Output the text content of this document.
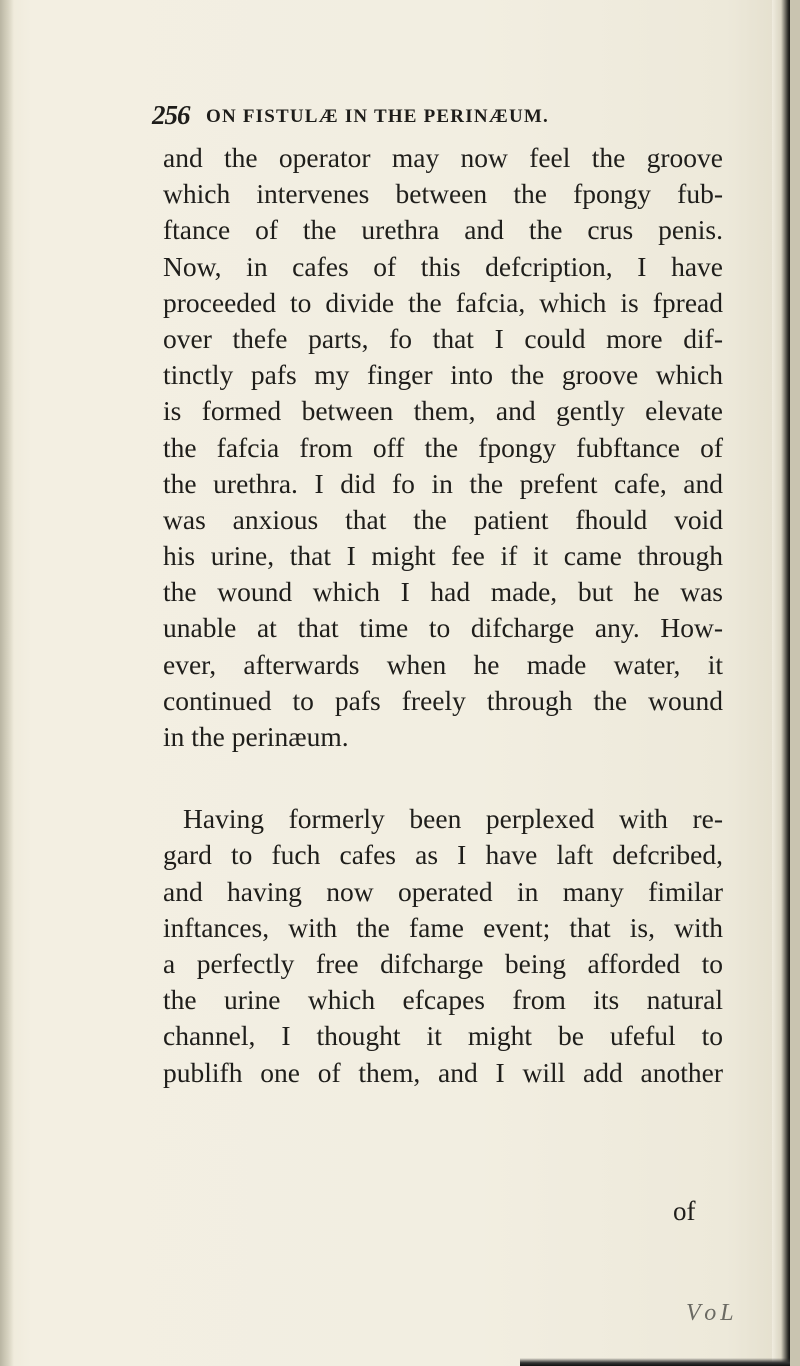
256 ON FISTULÆ IN THE PERINÆUM.
and the operator may now feel the groove
which intervenes between the fpongy fub-
ftance of the urethra and the crus penis.
Now, in cafes of this defcription, I have
proceeded to divide the fafcia, which is fpread
over thefe parts, fo that I could more dif-
tinctly pafs my finger into the groove which
is formed between them, and gently elevate
the fafcia from off the fpongy fubftance of
the urethra. I did fo in the prefent cafe, and
was anxious that the patient fhould void
his urine, that I might fee if it came through
the wound which I had made, but he was
unable at that time to difcharge any. How-
ever, afterwards when he made water, it
continued to pafs freely through the wound
in the perinæum.
Having formerly been perplexed with re-
gard to fuch cafes as I have laft defcribed,
and having now operated in many fimilar
inftances, with the fame event; that is, with
a perfectly free difcharge being afforded to
the urine which efcapes from its natural
channel, I thought it might be ufeful to
publifh one of them, and I will add another
of
V o L
